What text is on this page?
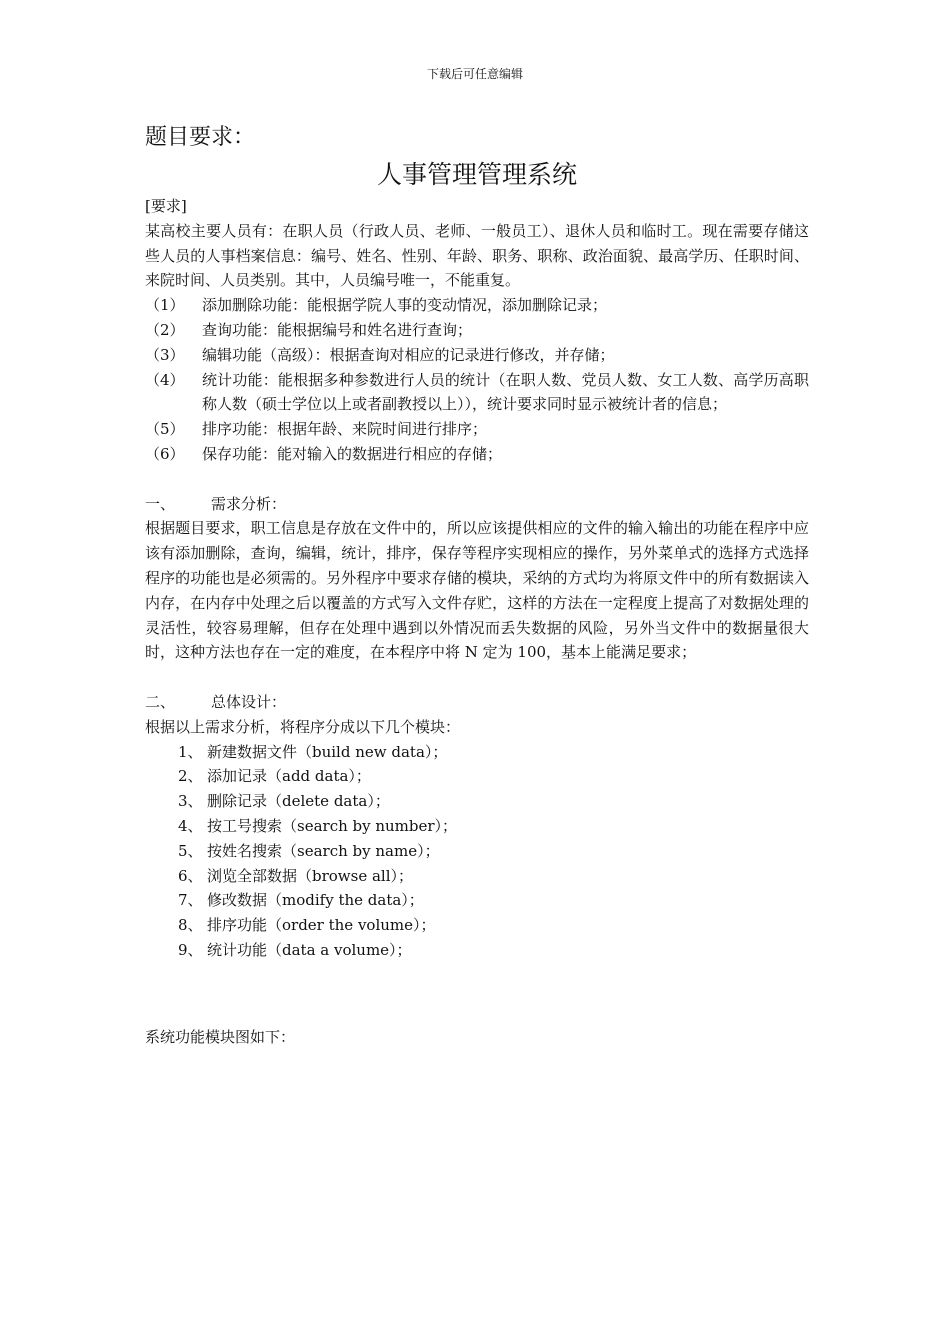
下载后可任意编辑
题目要求：
人事管理管理系统

[要求]

某高校主要人员有：在职人员（行政人员、老师、一般员工）、退休人员和临时工。现在需要存储这些人员的人事档案信息：编号、姓名、性别、年龄、职务、职称、政治面貌、最高学历、任职时间、来院时间、人员类别。其中，人员编号唯一，不能重复。

（1）	添加删除功能：能根据学院人事的变动情况，添加删除记录；
（2）	查询功能：能根据编号和姓名进行查询；
（3）	编辑功能（高级）：根据查询对相应的记录进行修改，并存储；
（4）	统计功能：能根据多种参数进行人员的统计（在职人数、党员人数、女工人数、高学历高职称人数（硕士学位以上或者副教授以上）），统计要求同时显示被统计者的信息；
（5）	排序功能：根据年龄、来院时间进行排序；
（6）	保存功能：能对输入的数据进行相应的存储；
一、	需求分析：

根据题目要求，职工信息是存放在文件中的，所以应该提供相应的文件的输入输出的功能在程序中应该有添加删除，查询，编辑，统计，排序，保存等程序实现相应的操作，另外菜单式的选择方式选择程序的功能也是必须需的。另外程序中要求存储的模块，采纳的方式均为将原文件中的所有数据读入内存，在内存中处理之后以覆盖的方式写入文件存贮，这样的方法在一定程度上提高了对数据处理的灵活性，较容易理解，但存在处理中遇到以外情况而丢失数据的风险，另外当文件中的数据量很大时，这种方法也存在一定的难度，在本程序中将 N 定为 100，基本上能满足要求；

二、	总体设计：

根据以上需求分析，将程序分成以下几个模块：

1、 新建数据文件（build new data）；
2、 添加记录（add data）；
3、 删除记录（delete data）；
4、 按工号搜索（search by number）；
5、 按姓名搜索（search by name）；
6、 浏览全部数据（browse all）；
7、 修改数据（modify the data）；
8、 排序功能（order the volume）；
9、 统计功能（data a volume）；

系统功能模块图如下：
